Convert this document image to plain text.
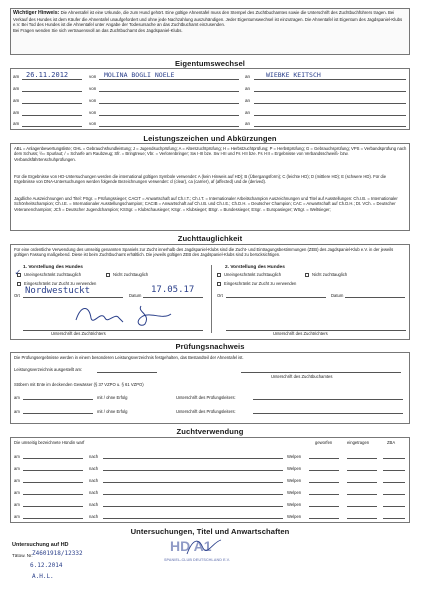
Wichtiger Hinweis: Die Ahnentafel ist eine Urkunde, die zum Hund gehört. Eine gültige Ahnentafel muss den Stempel des Zuchtbuchamtes sowie die Unterschrift des Zuchtbuchführers tragen. Bei Verkauf des Hundes ist dem Käufer die Ahnentafel unaufgefordert und ohne jede Nachzahlung auszuhändigen. Jeder Eigentumswechsel ist einzutragen. Die Ahnentafel ist Eigentum des Jagdspaniel-Klubs e.V. Bei Tod des Hundes ist die Ahnentafel unter Angabe der Todesursache an das Zuchtbuchamt einzusenden.
Bei Fragen wenden Sie sich vertrauensvoll an das Zuchtbuchamt des Jagdspaniel-Klubs.
Eigentumswechsel
am 26.11.2012	von MOLINA BOGLI NOELE	an WIEBKE KEITSCH
am	von	an
am	von	an
am	von	an
am	von	an
Leistungszeichen und Abkürzungen
ABL = Anlagenbewertungsliste; GHL = Gebrauchshundleistung; J = Jugendsuchprüfung; A = Alterszuchtprüfung; H = Herbstzuchtprüfung; P = Herbstprüfung; G = Gebrauchsprüfung; VPS = Verbandsprüfung nach dem Schuss; ½= Spurlaut; / = Scharfe am Raubzeug; Sfr. = Bringtreue; Vbr. = Verlorenbringer; Sw I-III bze. Sw I-III und Fs I-III bze. Fs I-III = Ergebnisse von Verbandsschweiß- bzw. Verbandsfährtenschuhprüfungen.
Für die Ergebnisse von HD-Untersuchungen werden die international gültigen Symbole verwendet: A (kein Hinweis auf HD); B (Übergangsform); C (leichte HD); D (mittlere HD); E (schwere HD). Für die Ergebnisse von DNA-Untersuchungen werden folgende Bezeichnungen verwendet: cl (clear), ca (carrier), af (affected) und de (derived).
Jagdliche Auszeichnungen und Titel: PSgr. = Prüfungssieger; CACIT = Anwartschaft auf Ch.I.T.; Ch.I.T. = Internationaler Arbeitschampion Auszeichnungen und Titel auf Ausstellungen: Ch.I.B. = Internationaler Schönheitschampion; Ch.I.E. = Internationaler Ausstellungschampion; CACIB = Anwartschaft auf Ch.I.B. und Ch.I.E.; Ch.D.H. = Deutscher Champion; CAC = Anwartschaft auf Ch.D.H.; Dt. VCh. = Deutscher Veteranenchampion; JCh = Deutscher Jugendchampion; KSSgr. = Klubschausieger; KSgr. = Klubsieger; BSgr. = Bundessieger; ESgr. = Europasieger; WSgr. = Weltsieger;
Zuchttauglichkeit
Für eine ordentliche Verwendung des umseitig genannten Spaniels zur Zucht innerhalb des Jagdspaniel-Klubs sind die Zucht- und Eintragungsbestimmungen (ZEB) des Jagdspaniel-Klub e.V. in der jeweils gültigen Fassung maßgebend. Diese ist beim Zuchtbuchamt erhältlich. Die jeweils gültigen ZEB des Jagdspaniel-Klubs sind zu berücksichtigen.
1. Vorstellung des Hundes
✓ Uneingeschränkt zuchttauglich	Nicht zuchttauglich
Eingeschränkt zur Zucht zu verwenden
Ort Nordwestuckt	Datum
17.05.17
Unterschrift des Zuchtrichters
2. Vorstellung des Hundes
Uneingeschränkt zuchttauglich	Nicht zuchttauglich
Eingeschränkt zur Zucht zu verwenden
Ort	Datum
Unterschrift des Zuchtrichters
Prüfungsnachweis
Die Prüfungsergebnisse werden in einem besonderen Leistungsverzeichnis festgehalten, das Bestandteil der Ahnentafel ist.
Leistungsverzeichnis ausgestellt am:
Unterschrift des Zuchtbuchamtes
Stöbern mit Ente im deckenden Gewässer (§ 37 VZPO u. § 61 VZPO)
am	mit / ohne Erfolg	Unterschrift des Prüfungsleiters:
am	mit / ohne Erfolg	Unterschrift des Prüfungsleiters:
Zuchtverwendung
Die umseitig bezeichnete Hündin warf	geworfen	eingetragen	ZBA
am	nach	Welpen
am	nach	Welpen
am	nach	Welpen
am	nach	Welpen
am	nach	Welpen
am	nach	Welpen
Untersuchungen, Titel und Anwartschaften
Untersuchung auf HD
Tätow. Nr. Z4601918/12332
6.12.2014
A.H.L.
HD A1
SPANIEL-CLUB DEUTSCHLAND E.V.
